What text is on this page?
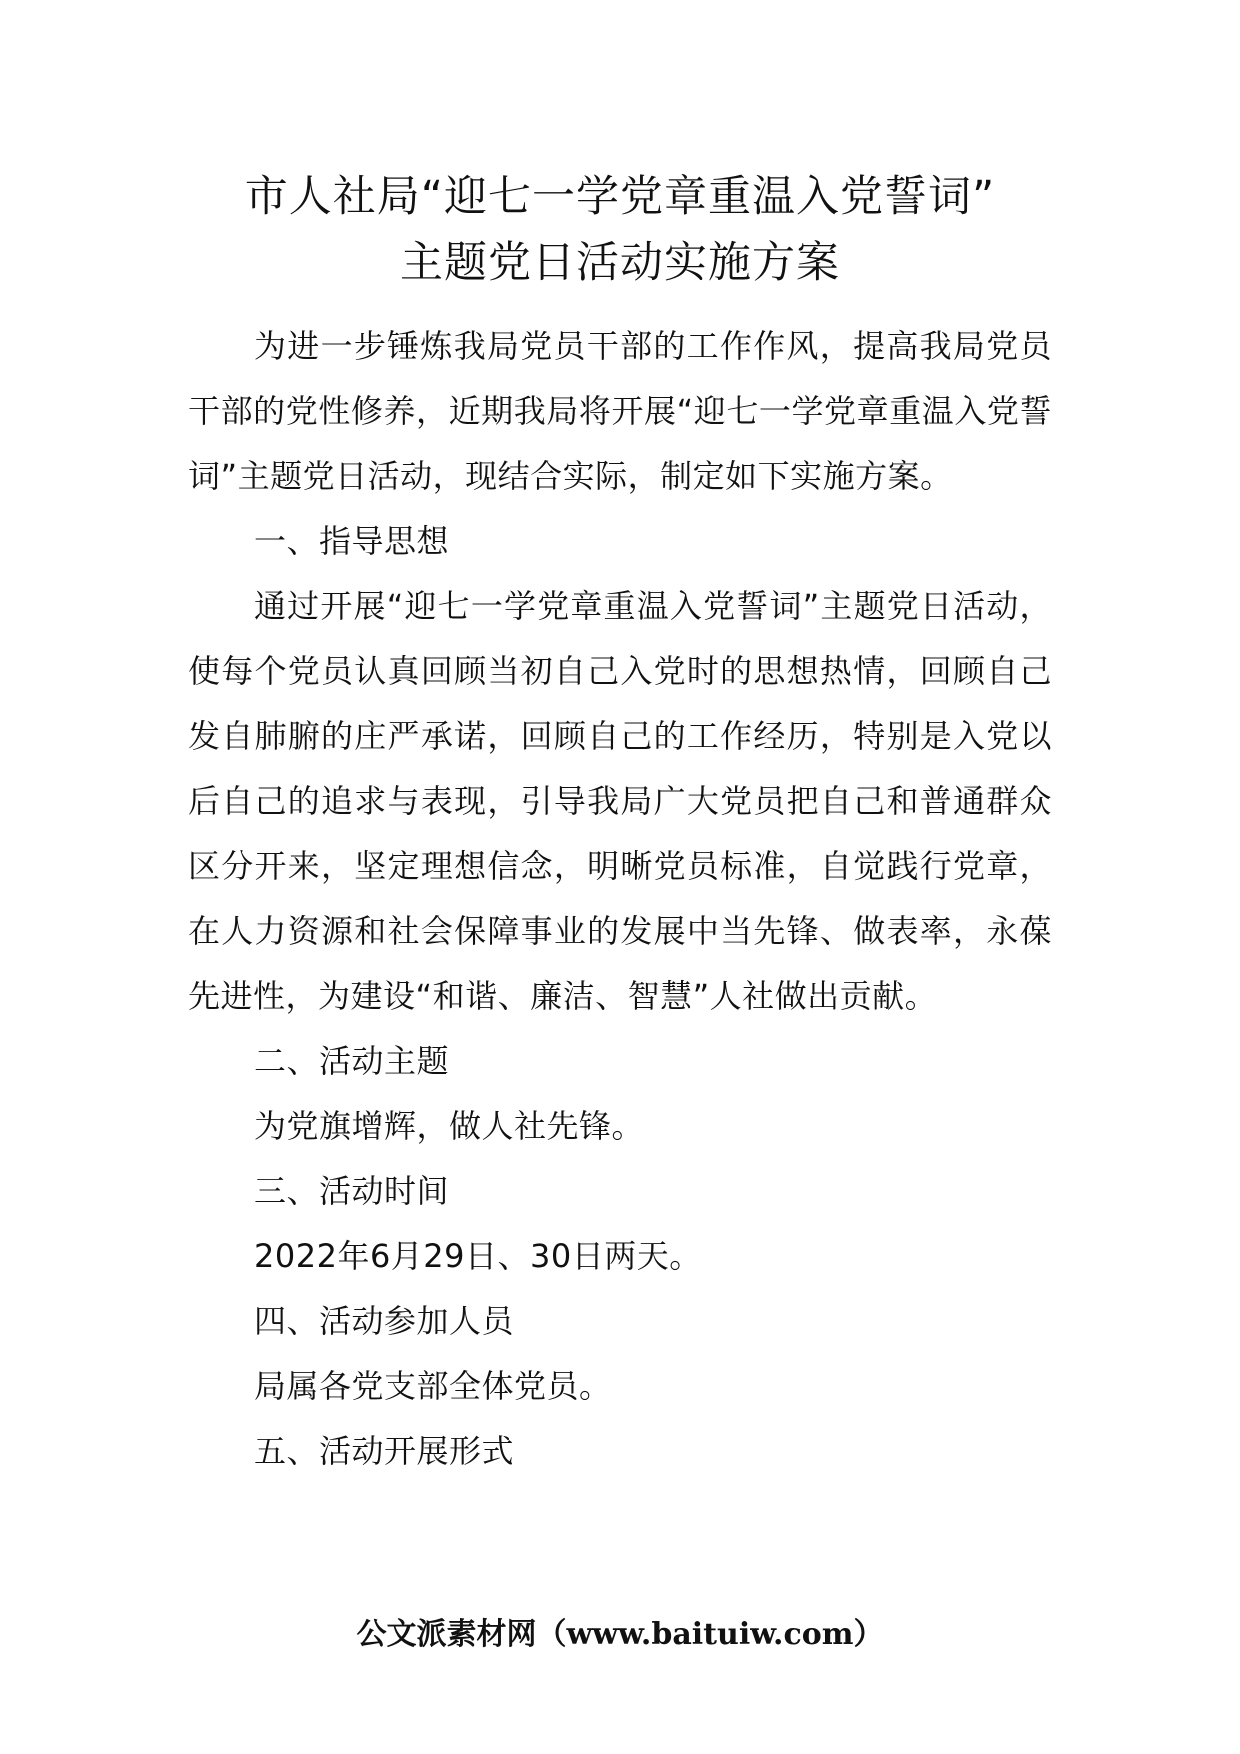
市人社局“迎七一学党章重温入党誓词”
主题党日活动实施方案

为进一步锤炼我局党员干部的工作作风，提高我局党员干部的党性修养，近期我局将开展“迎七一学党章重温入党誓词”主题党日活动，现结合实际，制定如下实施方案。

一、指导思想

通过开展“迎七一学党章重温入党誓词”主题党日活动，使每个党员认真回顾当初自己入党时的思想热情，回顾自己发自肺腑的庄严承诺，回顾自己的工作经历，特别是入党以后自己的追求与表现，引导我局广大党员把自己和普通群众区分开来，坚定理想信念，明晰党员标准，自觉践行党章，在人力资源和社会保障事业的发展中当先锋、做表率，永葆先进性，为建设“和谐、廉洁、智慧”人社做出贡献。

二、活动主题

为党旗增辉，做人社先锋。

三、活动时间

2022年6月29日、30日两天。

四、活动参加人员

局属各党支部全体党员。

五、活动开展形式

公文派素材网（www.baituiw.com）
